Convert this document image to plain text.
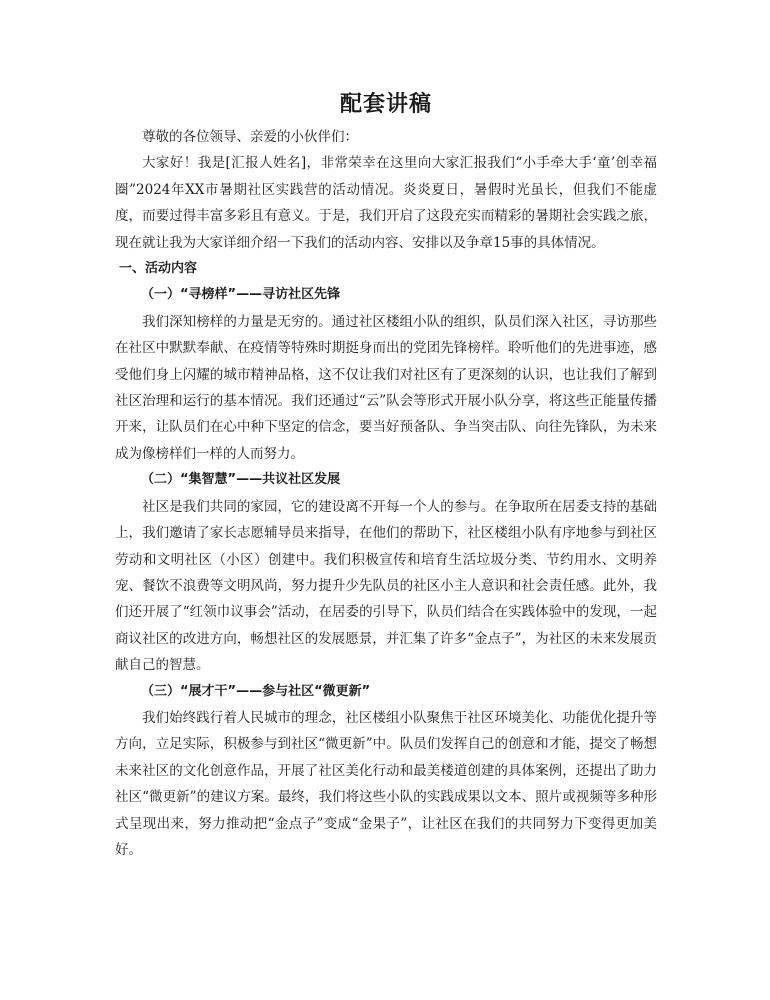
配套讲稿

尊敬的各位领导、亲爱的小伙伴们：

大家好！我是[汇报人姓名]，非常荣幸在这里向大家汇报我们“小手牵大手‘童’创幸福圈”2024年XX市暑期社区实践营的活动情况。炎炎夏日，暑假时光虽长，但我们不能虚度，而要过得丰富多彩且有意义。于是，我们开启了这段充实而精彩的暑期社会实践之旅，现在就让我为大家详细介绍一下我们的活动内容、安排以及争章15事的具体情况。

一、活动内容

（一）“寻榜样”——寻访社区先锋

我们深知榜样的力量是无穷的。通过社区楼组小队的组织，队员们深入社区，寻访那些在社区中默默奉献、在疫情等特殊时期挺身而出的党团先锋榜样。聆听他们的先进事迹，感受他们身上闪耀的城市精神品格，这不仅让我们对社区有了更深刻的认识，也让我们了解到社区治理和运行的基本情况。我们还通过“云”队会等形式开展小队分享，将这些正能量传播开来，让队员们在心中种下坚定的信念，要当好预备队、争当突击队、向往先锋队，为未来成为像榜样们一样的人而努力。

（二）“集智慧”——共议社区发展

社区是我们共同的家园，它的建设离不开每一个人的参与。在争取所在居委支持的基础上，我们邀请了家长志愿辅导员来指导，在他们的帮助下，社区楼组小队有序地参与到社区劳动和文明社区（小区）创建中。我们积极宣传和培育生活垃圾分类、节约用水、文明养宠、餐饮不浪费等文明风尚，努力提升少先队员的社区小主人意识和社会责任感。此外，我们还开展了“红领巾议事会”活动，在居委的引导下，队员们结合在实践体验中的发现，一起商议社区的改进方向，畅想社区的发展愿景，并汇集了许多“金点子”，为社区的未来发展贡献自己的智慧。

（三）“展才干”——参与社区“微更新”

我们始终践行着人民城市的理念，社区楼组小队聚焦于社区环境美化、功能优化提升等方向，立足实际，积极参与到社区“微更新”中。队员们发挥自己的创意和才能，提交了畅想未来社区的文化创意作品，开展了社区美化行动和最美楼道创建的具体案例，还提出了助力社区“微更新”的建议方案。最终，我们将这些小队的实践成果以文本、照片或视频等多种形式呈现出来，努力推动把“金点子”变成“金果子”，让社区在我们的共同努力下变得更加美好。
